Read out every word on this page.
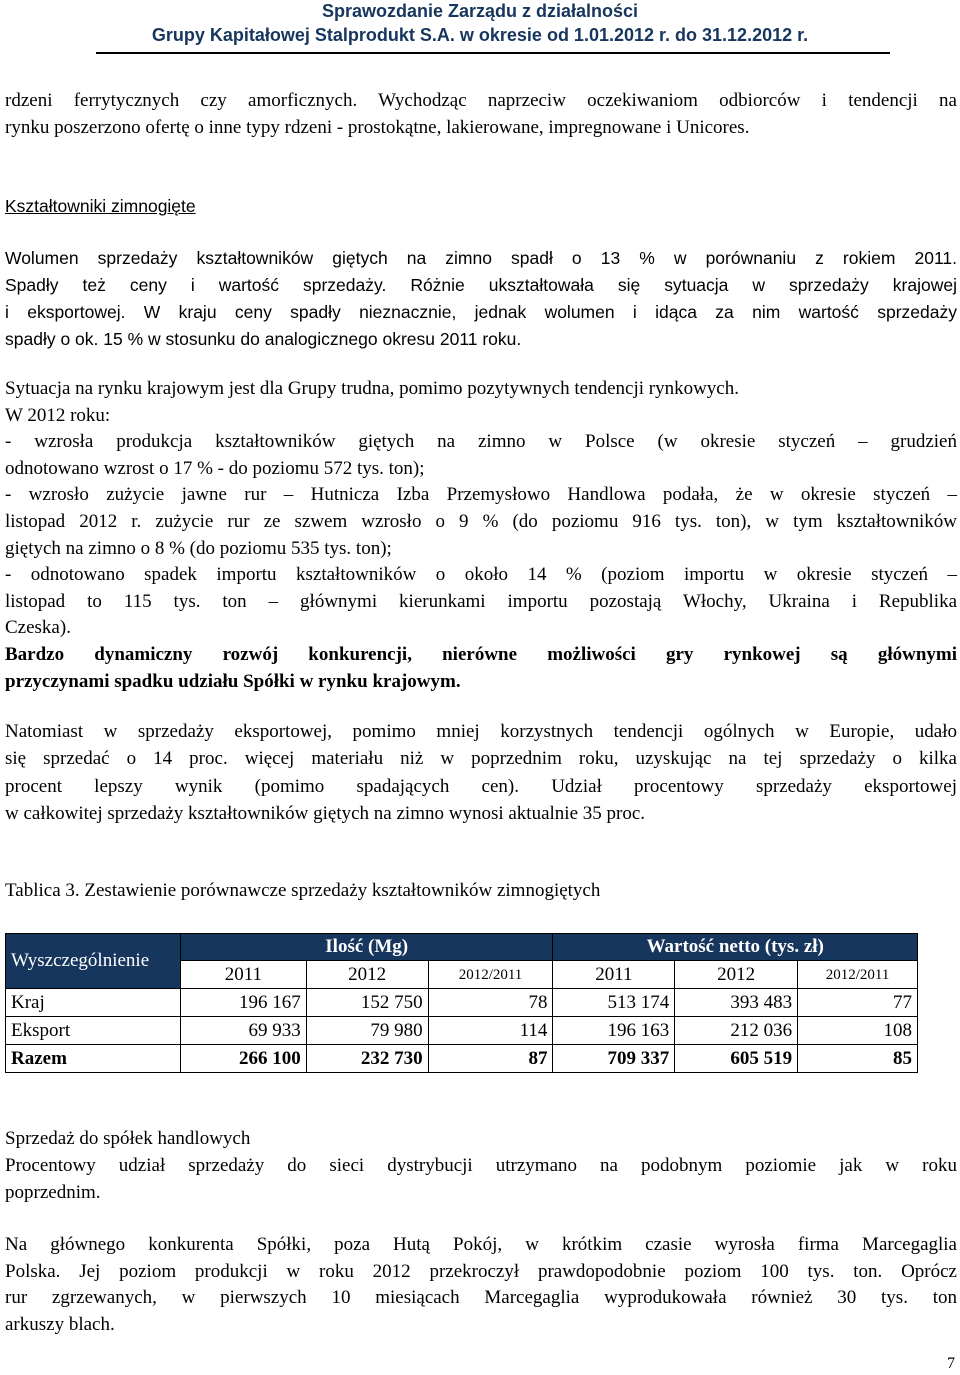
Sprawozdanie Zarządu z działalności
Grupy Kapitałowej Stalprodukt S.A. w okresie od 1.01.2012 r. do 31.12.2012 r.
rdzeni ferrytycznych czy amorficznych. Wychodząc naprzeciw oczekiwaniom odbiorców i tendencji na
rynku poszerzono ofertę o inne typy rdzeni - prostokątne, lakierowane, impregnowane i Unicores.
Kształtowniki zimnogięte
Wolumen sprzedaży kształtowników giętych na zimno spadł o 13 % w porównaniu z rokiem 2011.
Spadły też ceny i wartość sprzedaży. Różnie ukształtowała się sytuacja w sprzedaży krajowej
i eksportowej. W kraju ceny spadły nieznacznie, jednak wolumen i idąca za nim wartość sprzedaży
spadły o ok. 15 % w stosunku do analogicznego okresu 2011 roku.
Sytuacja na rynku krajowym jest dla Grupy trudna, pomimo pozytywnych tendencji rynkowych.
W 2012 roku:
- wzrosła produkcja kształtowników giętych na zimno w Polsce (w okresie styczeń – grudzień
odnotowano wzrost o 17 % - do poziomu 572 tys. ton);
- wzrosło zużycie jawne rur – Hutnicza Izba Przemysłowo Handlowa podała, że w okresie styczeń –
listopad 2012 r. zużycie rur ze szwem wzrosło o 9 % (do poziomu 916 tys. ton), w tym kształtowników
giętych na zimno o 8 % (do poziomu 535 tys. ton);
- odnotowano spadek importu kształtowników o około 14 % (poziom importu w okresie styczeń –
listopad to 115 tys. ton – głównymi kierunkami importu pozostają Włochy, Ukraina i Republika
Czeska).
Bardzo dynamiczny rozwój konkurencji, nierówne możliwości gry rynkowej są głównymi
przyczynami spadku udziału Spółki w rynku krajowym.
Natomiast w sprzedaży eksportowej, pomimo mniej korzystnych tendencji ogólnych w Europie, udało
się sprzedać o 14 proc. więcej materiału niż w poprzednim roku, uzyskując na tej sprzedaży o kilka
procent lepszy wynik (pomimo spadających cen). Udział procentowy sprzedaży eksportowej
w całkowitej sprzedaży kształtowników giętych na zimno wynosi aktualnie 35 proc.
Tablica 3. Zestawienie porównawcze sprzedaży kształtowników zimnogiętych
Wyszczególnienie	Ilość (Mg)			Wartość netto (tys. zł)		
	2011	2012	2012/2011	2011	2012	2012/2011
Kraj	196 167	152 750	78	513 174	393 483	77
Eksport	69 933	79 980	114	196 163	212 036	108
Razem	266 100	232 730	87	709 337	605 519	85
Sprzedaż do spółek handlowych
Procentowy udział sprzedaży do sieci dystrybucji utrzymano na podobnym poziomie jak w roku
poprzednim.
Na głównego konkurenta Spółki, poza Hutą Pokój, w krótkim czasie wyrosła firma Marcegaglia
Polska. Jej poziom produkcji w roku 2012 przekroczył prawdopodobnie poziom 100 tys. ton. Oprócz
rur zgrzewanych, w pierwszych 10 miesiącach Marcegaglia wyprodukowała również 30 tys. ton
arkuszy blach.
7
